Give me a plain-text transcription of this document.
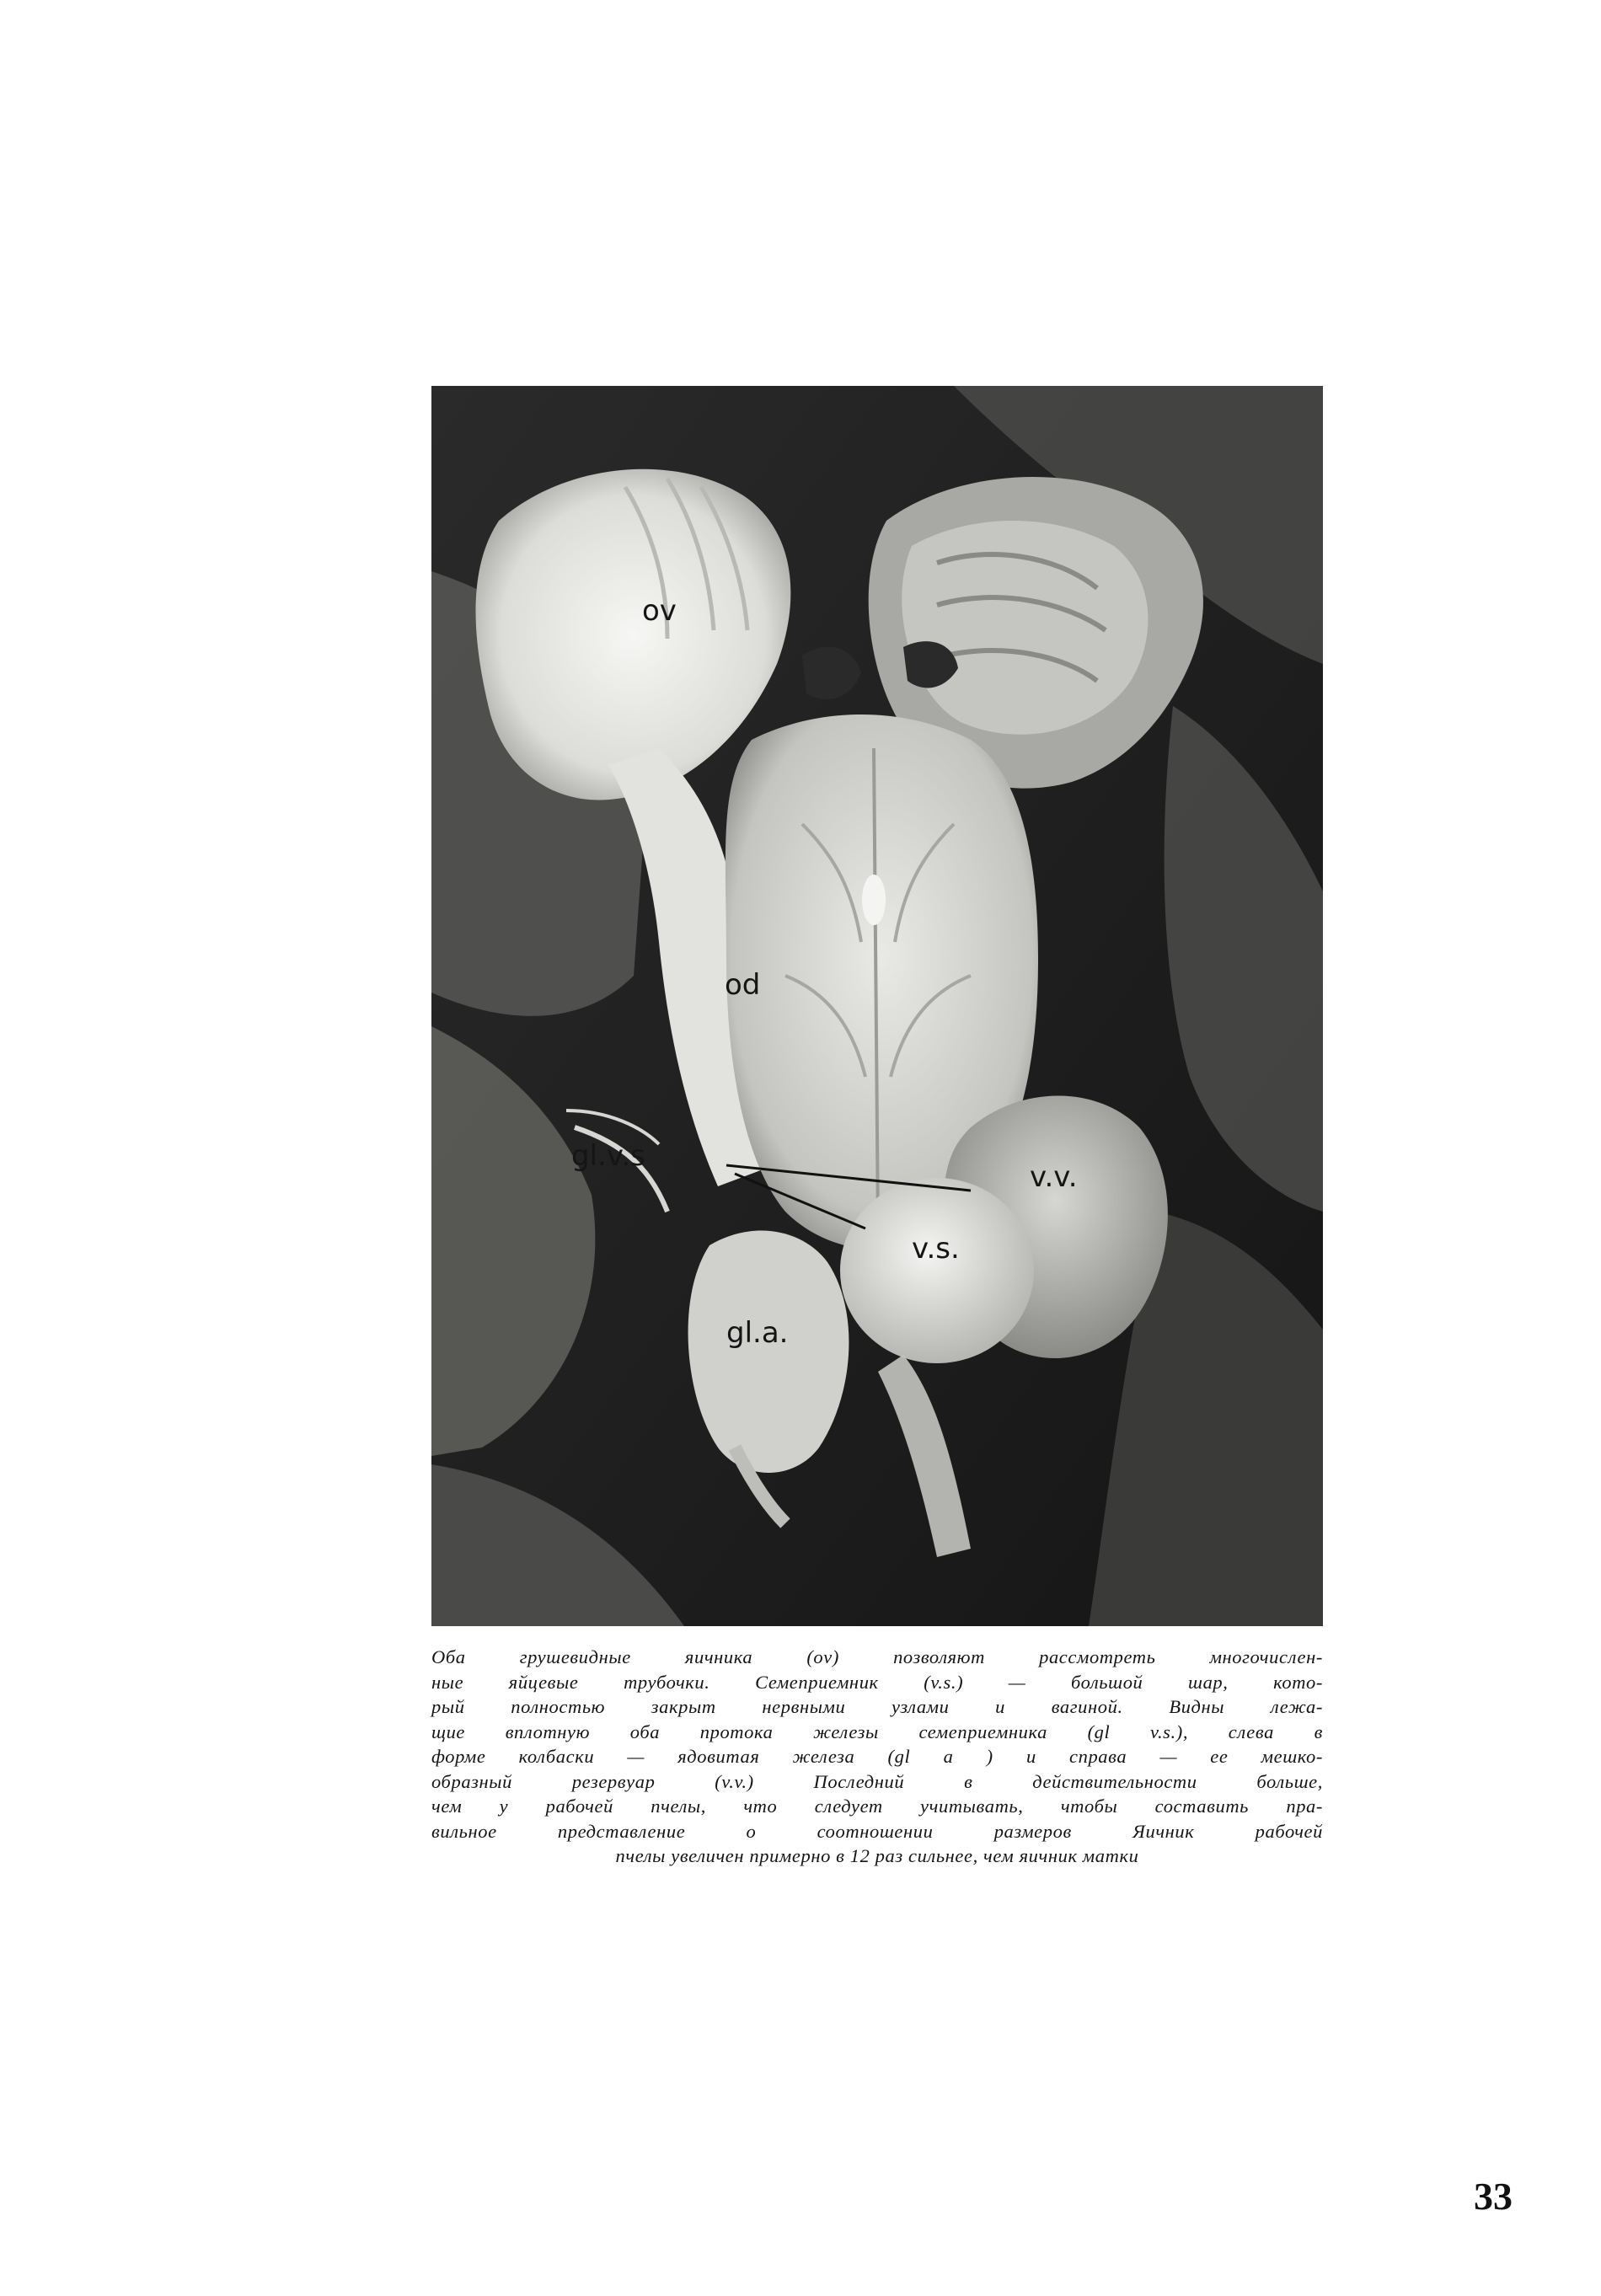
ov
od
gl.v.s
v.v.
v.s.
gl.a.
Оба грушевидные яичника (ov) позволяют рассмотреть многочислен-
ные яйцевые трубочки. Семеприемник (v.s.) — большой шар, кото-
рый полностью закрыт нервными узлами и вагиной. Видны лежа-
щие вплотную оба протока железы семеприемника (gl v.s.), слева в
форме колбаски — ядовитая железа (gl a ) и справа — ее мешко-
образный резервуар (v.v.) Последний в действительности больше,
чем у рабочей пчелы, что следует учитывать, чтобы составить пра-
вильное представление о соотношении размеров Яичник рабочей
пчелы увеличен примерно в 12 раз сильнее, чем яичник матки
33
